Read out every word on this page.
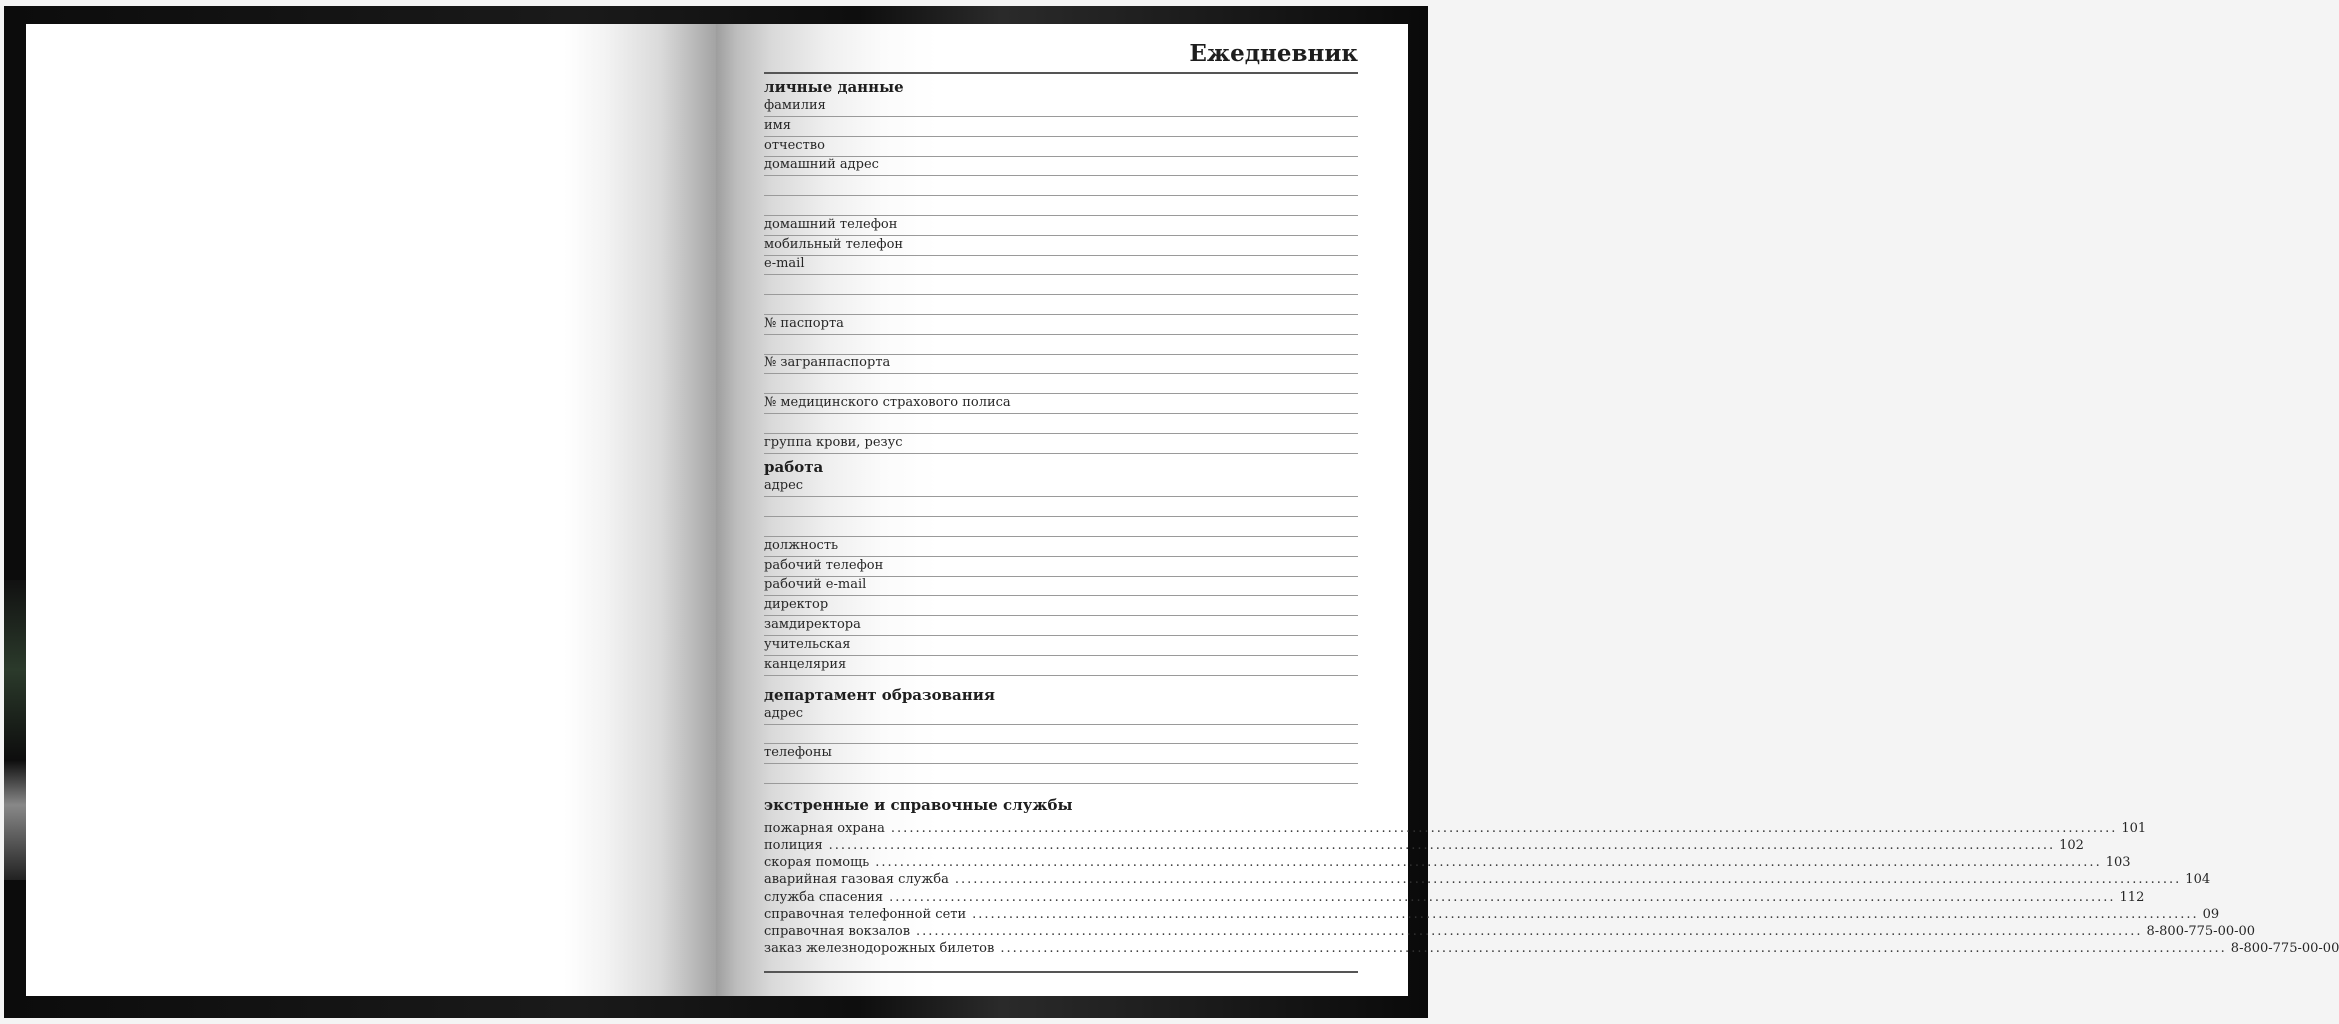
Ежедневник
личные данные
фамилия
имя
отчество
домашний адрес
домашний телефон
мобильный телефон
e-mail
№ паспорта
№ загранпаспорта
№ медицинского страхового полиса
группа крови, резус
работа
адрес
должность
рабочий телефон
рабочий e-mail
директор
замдиректора
учительская
канцелярия
департамент образования
адрес
телефоны
экстренные и справочные службы
пожарная охрана ........................................................................................................................................................................................................ 101
полиция ........................................................................................................................................................................................................ 102
скорая помощь ........................................................................................................................................................................................................ 103
аварийная газовая служба ........................................................................................................................................................................................................ 104
служба спасения ........................................................................................................................................................................................................ 112
справочная телефонной сети ........................................................................................................................................................................................................ 09
справочная вокзалов ........................................................................................................................................................................................................ 8-800-775-00-00
заказ железнодорожных билетов ........................................................................................................................................................................................................ 8-800-775-00-00
